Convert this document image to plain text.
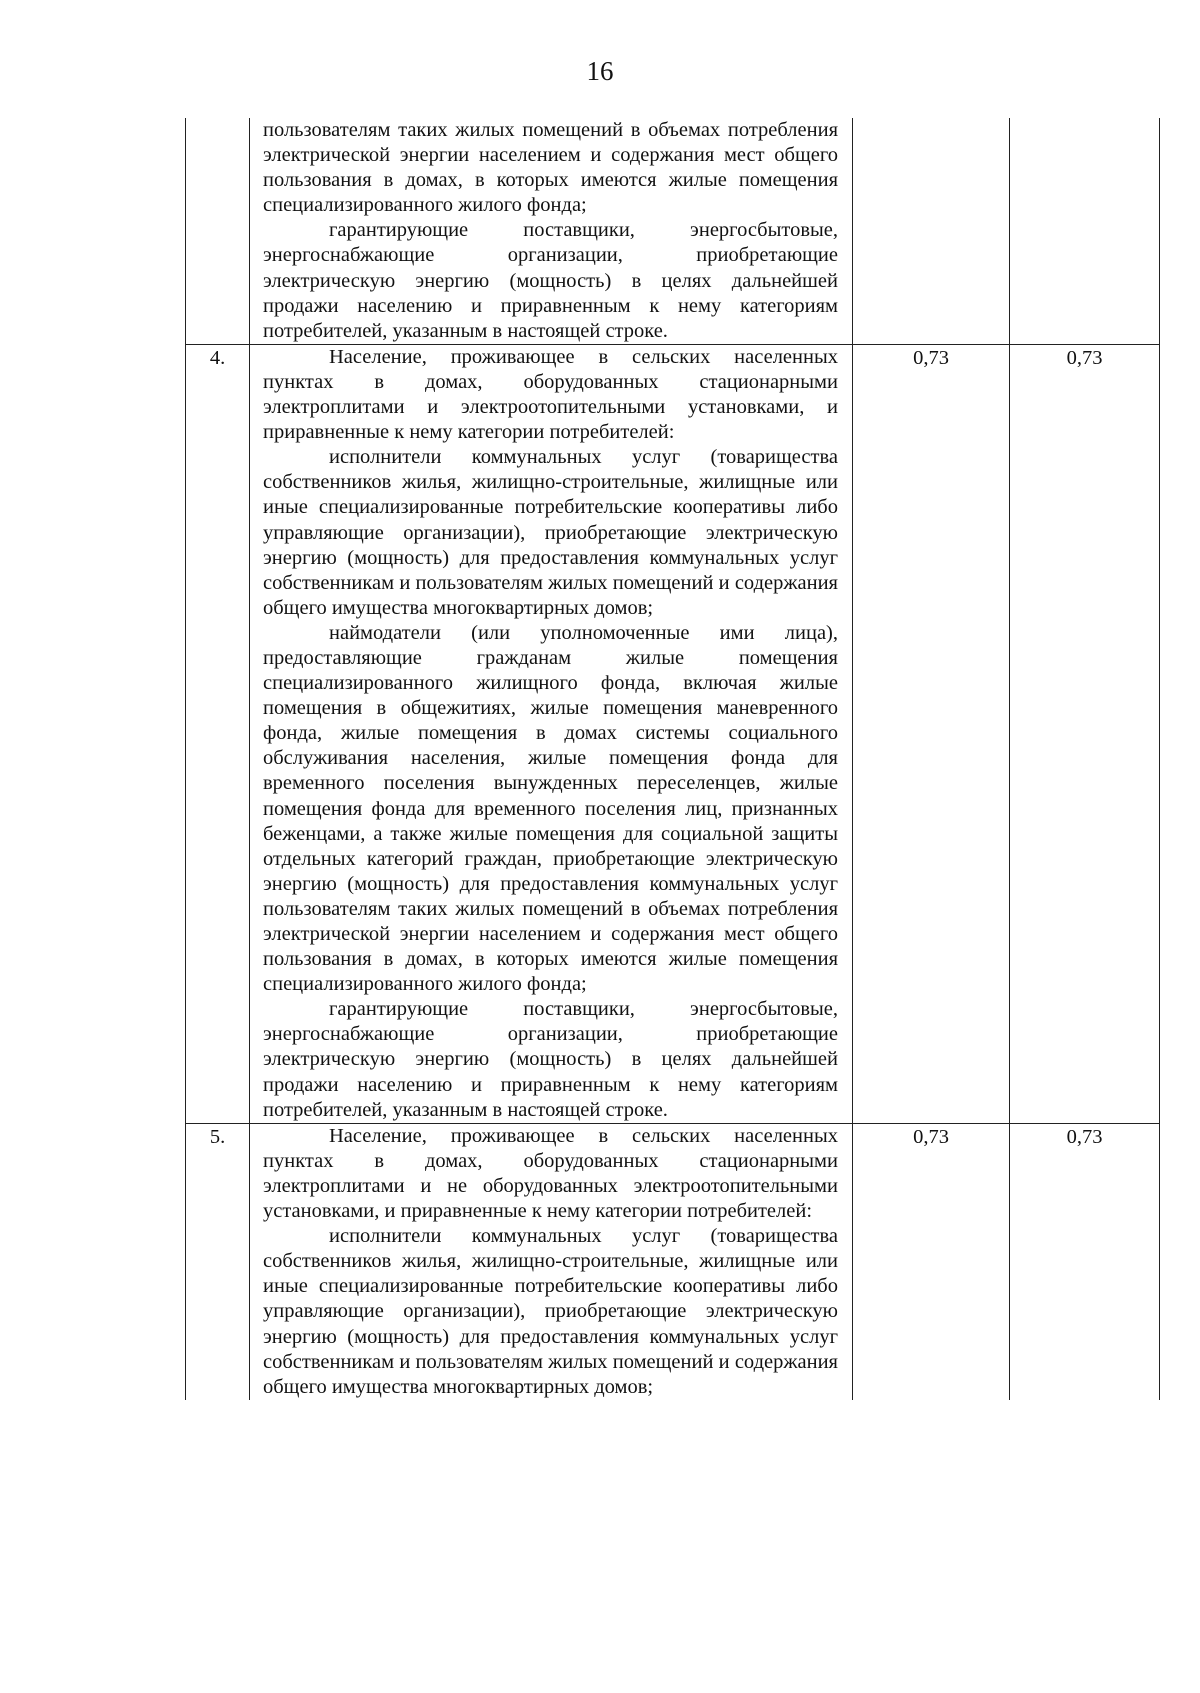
16

пользователям таких жилых помещений в объемах потребления электрической энергии населением и содержания мест общего пользования в домах, в которых имеются жилые помещения специализированного жилого фонда;

гарантирующие поставщики, энергосбытовые, энергоснабжающие организации, приобретающие электрическую энергию (мощность) в целях дальнейшей продажи населению и приравненным к нему категориям потребителей, указанным в настоящей строке.

4.	Население, проживающее в сельских населенных пунктах в домах, оборудованных стационарными электроплитами и электроотопительными установками, и приравненные к нему категории потребителей:

исполнители коммунальных услуг (товарищества собственников жилья, жилищно-строительные, жилищные или иные специализированные потребительские кооперативы либо управляющие организации), приобретающие электрическую энергию (мощность) для предоставления коммунальных услуг собственникам и пользователям жилых помещений и содержания общего имущества многоквартирных домов;

наймодатели (или уполномоченные ими лица), предоставляющие гражданам жилые помещения специализированного жилищного фонда, включая жилые помещения в общежитиях, жилые помещения маневренного фонда, жилые помещения в домах системы социального обслуживания населения, жилые помещения фонда для временного поселения вынужденных переселенцев, жилые помещения фонда для временного поселения лиц, признанных беженцами, а также жилые помещения для социальной защиты отдельных категорий граждан, приобретающие электрическую энергию (мощность) для предоставления коммунальных услуг пользователям таких жилых помещений в объемах потребления электрической энергии населением и содержания мест общего пользования в домах, в которых имеются жилые помещения специализированного жилого фонда;

гарантирующие поставщики, энергосбытовые, энергоснабжающие организации, приобретающие электрическую энергию (мощность) в целях дальнейшей продажи населению и приравненным к нему категориям потребителей, указанным в настоящей строке.

0,73	0,73
5.	Население, проживающее в сельских населенных пунктах в домах, оборудованных стационарными электроплитами и не оборудованных электроотопительными установками, и приравненные к нему категории потребителей:

исполнители коммунальных услуг (товарищества собственников жилья, жилищно-строительные, жилищные или иные специализированные потребительские кооперативы либо управляющие организации), приобретающие электрическую энергию (мощность) для предоставления коммунальных услуг собственникам и пользователям жилых помещений и содержания общего имущества многоквартирных домов;

0,73	0,73
